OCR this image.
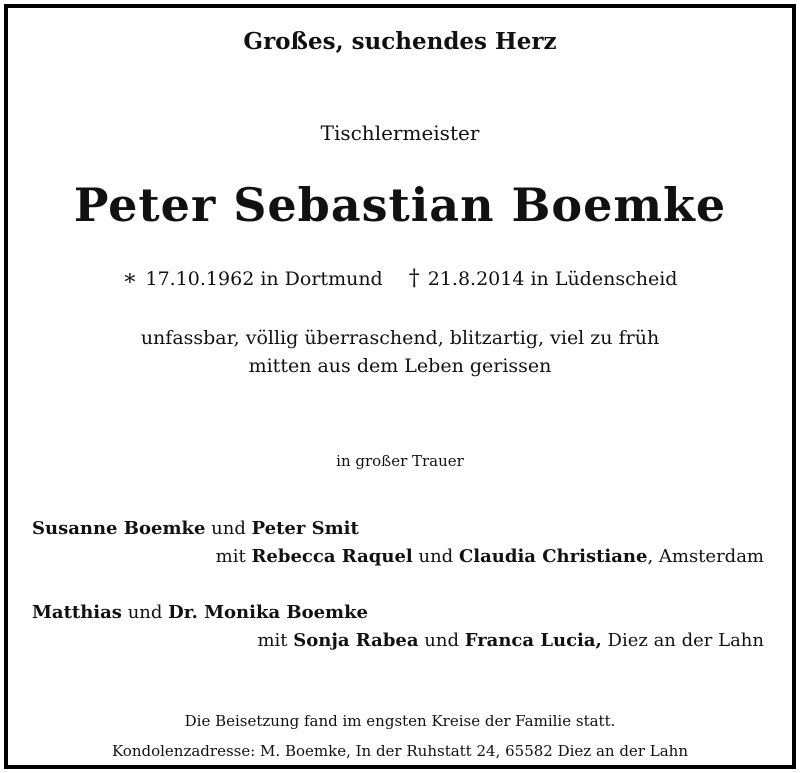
Großes, suchendes Herz
Tischlermeister
Peter Sebastian Boemke
∗ 17.10.1962 in Dortmund † 21.8.2014 in Lüdenscheid
unfassbar, völlig überraschend, blitzartig, viel zu früh
mitten aus dem Leben gerissen
in großer Trauer
Susanne Boemke und Peter Smit
mit Rebecca Raquel und Claudia Christiane, Amsterdam
Matthias und Dr. Monika Boemke
mit Sonja Rabea und Franca Lucia, Diez an der Lahn
Die Beisetzung fand im engsten Kreise der Familie statt.
Kondolenzadresse: M. Boemke, In der Ruhstatt 24, 65582 Diez an der Lahn
